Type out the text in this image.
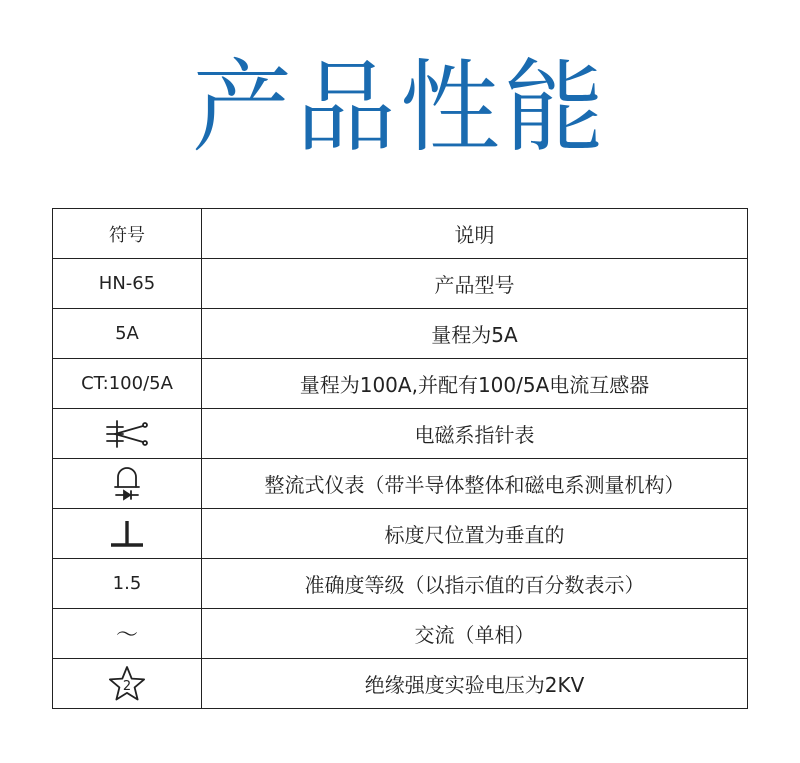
产品性能
符号	说明
HN-65	产品型号
5A	量程为5A
CT:100/5A	量程为100A,并配有100/5A电流互感器
	电磁系指针表
	整流式仪表（带半导体整体和磁电系测量机构）
	标度尺位置为垂直的
1.5	准确度等级（以指示值的百分数表示）
～	交流（单相）

2	绝缘强度实验电压为2KV
